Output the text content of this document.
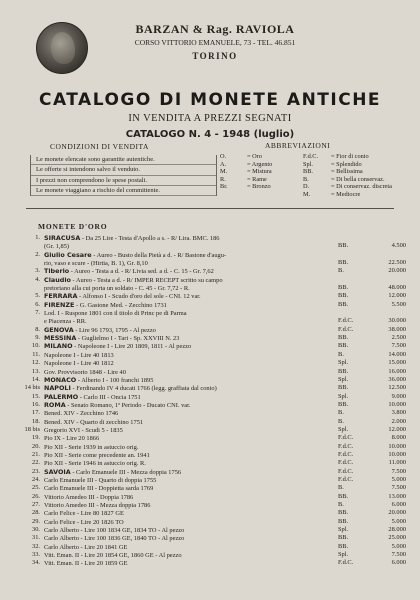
BARZAN & Rag. RAVIOLA
CORSO VITTORIO EMANUELE, 73 - TEL. 46.851
TORINO
CATALOGO DI MONETE ANTICHE
IN VENDITA A PREZZI SEGNATI
CATALOGO N. 4 - 1948 (luglio)
CONDIZIONI DI VENDITA	ABBREVIAZIONI
Le monete elencate sono garantite autentiche.
Le offerte si intendono salvo il venduto.
I prezzi non comprendono le spese postali.
Le monete viaggiano a rischio del committente.
O.	= Oro	F.d.C.	= Fior di conio
A.	= Argento	Spl.	= Splendido
M.	= Mistura	BB.	= Bellissima
R.	= Rame	B.	= Di bella conservaz.
Br.	= Bronzo	D.	= Di conservaz. discreta
M.	= Mediocre
MONETE D'ORO
1. SIRACUSA - Da 25 Lire - Testa d'Apollo a s. - R/ Lira. BMC. 186
(Gr. 1,85)	BB.	4.500
2. Giulio Cesare - Aureo - Busto della Pietà a d. - R/ Bastone d'augu-
rio, vaso e scure - (Hirtia, B. 1), Gr. 8,10	BB.	22.500
3. Tiberio - Aureo - Testa a d. - R/ Livia sed. a d. - C. 15 - Gr. 7,62	B.	20.000
4. Claudio - Aureo - Testa a d. - R/ IMPER RECEPT scritto su campo
pretoriano alla cui porta un soldato - C. 45 - Gr. 7,72 - R.	BB.	48.000
5. FERRARA - Alfonso I - Scudo d'oro del sole - CNI. 12 var.	BB.	12.000
6. FIRENZE - G. Gastone Med. - Zecchino 1731	BB.	5.500
7. Lod. I - Ruspone 1801 con il titolo di Princ pe di Parma
e Piacenza - RR.	F.d.C.	30.000
8. GENOVA - Lire 96 1793, 1795 - Al pezzo	F.d.C.	38.000
9. MESSINA - Guglielmo I - Tari - Sp. XXVIII N. 23	BB.	2.500
10. MILANO - Napoleone I - Lire 20 1809, 1811 - Al pezzo	BB.	7.500
11. Napoleone I - Lire 40 1813	B.	14.000
12. Napoleone I - Lire 40 1812	Spl.	15.000
13. Gov. Provvisorio 1848 - Lire 40	BB.	16.000
14. MONACO - Alberto I - 100 franchi 1895	Spl.	36.000
14 bis NAPOLI - Ferdinando IV 4 ducati 1766 (legg. graffiata dal conio)	BB.	12.500
15. PALERMO - Carlo III - Oncia 1751	Spl.	9.000
16. ROMA - Senato Romano, 1º Periodo - Ducato CNI. var.	BB.	10.000
17. Bened. XIV - Zecchino 1746	B.	3.800
18. Bened. XIV - Quarto di zecchino 1751	B.	2.000
18 bis Gregorio XVI - Scudi 5 - 1835	Spl.	12.000
19. Pio IX - Lire 20 1866	F.d.C.	8.000
20. Pio XII - Serie 1939 in astuccio orig.	F.d.C.	10.000
21. Pio XII - Serie come precedente an. 1941	F.d.C.	10.000
22. Pio XII - Serie 1946 in astuccio orig. R.	F.d.C.	11.000
23. SAVOIA - Carlo Emanuele III - Mezza doppia 1756	F.d.C.	7.500
24. Carlo Emanuele III - Quarto di doppia 1755	F.d.C.	5.000
25. Carlo Emanuele III - Doppietta sarda 1769	B.	7.500
26. Vittorio Amedeo III - Doppia 1786	BB.	13.000
27. Vittorio Amedeo III - Mezza doppia 1786	B.	6.000
28. Carlo Felice - Lire 80 1827 GE	BB.	20.000
29. Carlo Felice - Lire 20 1826 TO	BB.	5.000
30. Carlo Alberto - Lire 100 1834 GE, 1834 TO - Al pezzo	Spl.	28.000
31. Carlo Alberto - Lire 100 1836 GE, 1840 TO - Al pezzo	BB.	25.000
32. Carlo Alberto - Lire 20 1841 GE	BB.	5.000
33. Vitt. Eman. II - Lire 20 1854 GE, 1860 GE - Al pezzo	Spl.	7.500
34. Vitt. Eman. II - Lire 20 1859 GE	F.d.C.	6.000
